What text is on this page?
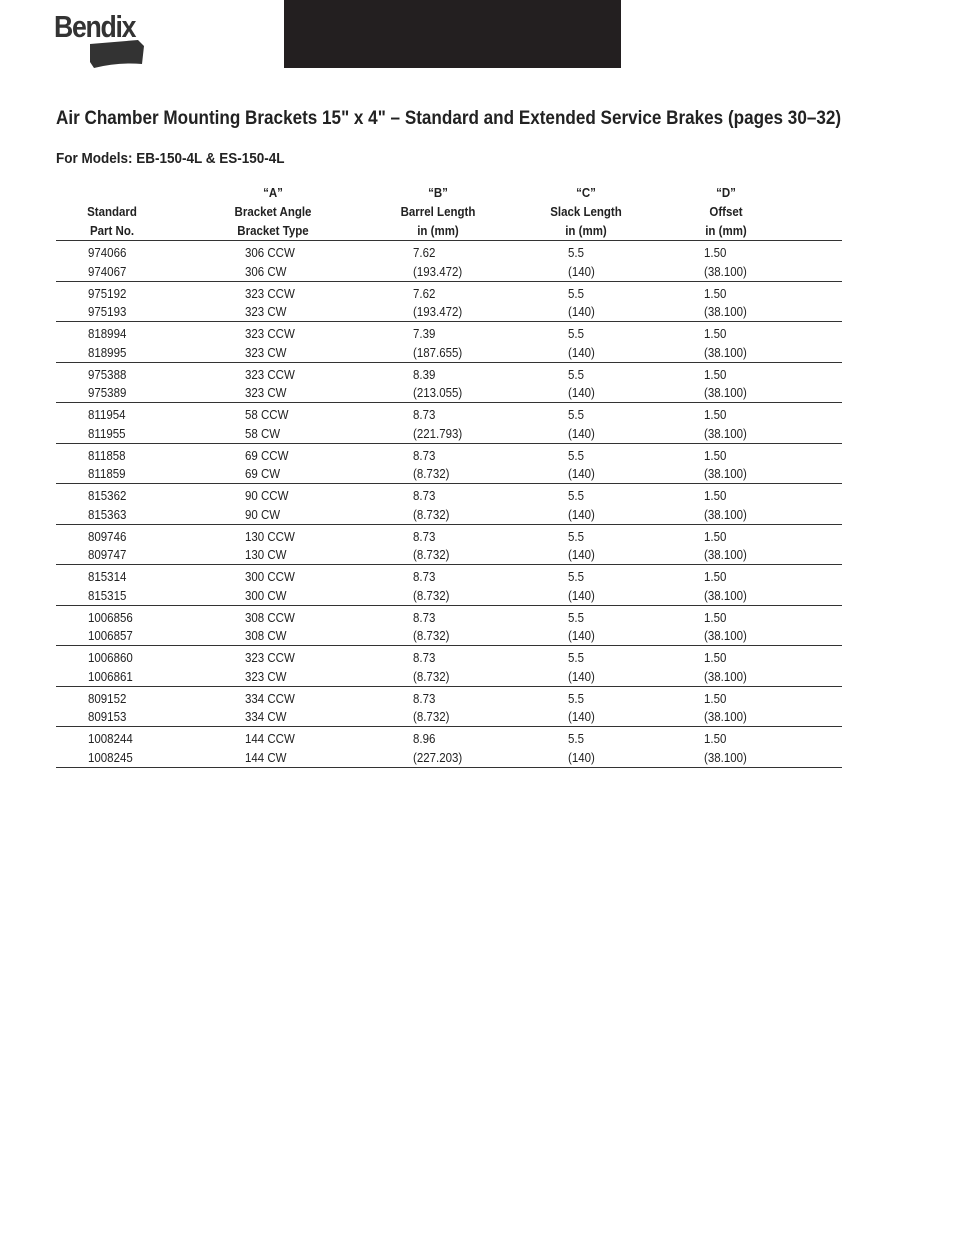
Bendix
Air Chamber Mounting Brackets 15" x 4" – Standard and Extended Service Brakes (pages 30–32)
For Models: EB-150-4L & ES-150-4L
Standard
Part No.
“A”
Bracket Angle
Bracket Type
“B”
Barrel Length
in (mm)
“C”
Slack Length
in (mm)
“D”
Offset
in (mm)
974066
974067
306 CCW
306 CW
7.62
(193.472)
5.5
(140)
1.50
(38.100)
975192
975193
323 CCW
323 CW
7.62
(193.472)
5.5
(140)
1.50
(38.100)
818994
818995
323 CCW
323 CW
7.39
(187.655)
5.5
(140)
1.50
(38.100)
975388
975389
323 CCW
323 CW
8.39
(213.055)
5.5
(140)
1.50
(38.100)
811954
811955
58 CCW
58 CW
8.73
(221.793)
5.5
(140)
1.50
(38.100)
811858
811859
69 CCW
69 CW
8.73
(8.732)
5.5
(140)
1.50
(38.100)
815362
815363
90 CCW
90 CW
8.73
(8.732)
5.5
(140)
1.50
(38.100)
809746
809747
130 CCW
130 CW
8.73
(8.732)
5.5
(140)
1.50
(38.100)
815314
815315
300 CCW
300 CW
8.73
(8.732)
5.5
(140)
1.50
(38.100)
1006856
1006857
308 CCW
308 CW
8.73
(8.732)
5.5
(140)
1.50
(38.100)
1006860
1006861
323 CCW
323 CW
8.73
(8.732)
5.5
(140)
1.50
(38.100)
809152
809153
334 CCW
334 CW
8.73
(8.732)
5.5
(140)
1.50
(38.100)
1008244
1008245
144 CCW
144 CW
8.96
(227.203)
5.5
(140)
1.50
(38.100)
